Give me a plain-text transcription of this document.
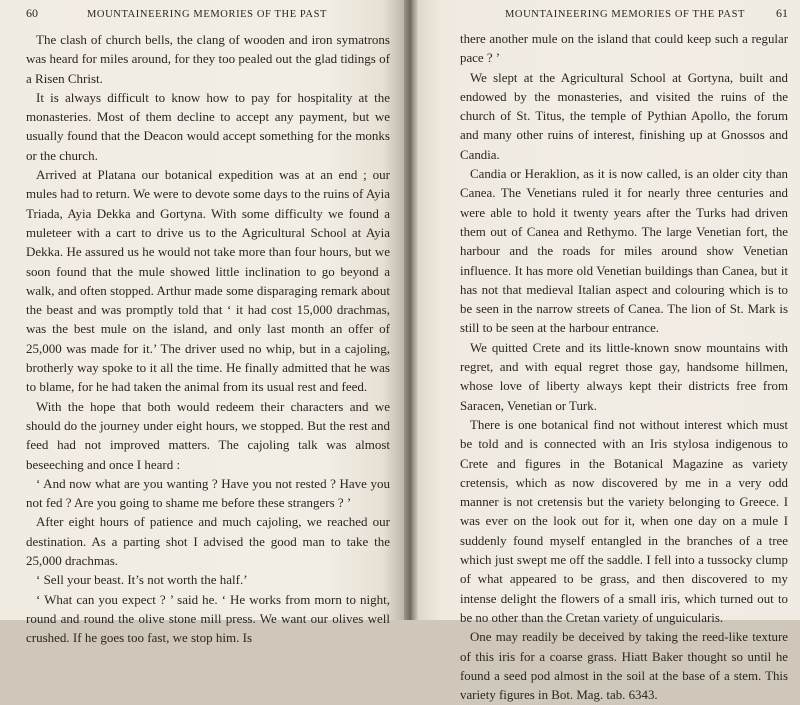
60	MOUNTAINEERING MEMORIES OF THE PAST

The clash of church bells, the clang of wooden and iron symatrons was heard for miles around, for they too pealed out the glad tidings of a Risen Christ.

It is always difficult to know how to pay for hospitality at the monasteries. Most of them decline to accept any payment, but we usually found that the Deacon would accept something for the monks or the church.

Arrived at Platana our botanical expedition was at an end ; our mules had to return. We were to devote some days to the ruins of Ayia Triada, Ayia Dekka and Gortyna. With some difficulty we found a muleteer with a cart to drive us to the Agricultural School at Ayia Dekka. He assured us he would not take more than four hours, but we soon found that the mule showed little inclination to go beyond a walk, and often stopped. Arthur made some disparaging remark about the beast and was promptly told that ‘ it had cost 15,000 drachmas, was the best mule on the island, and only last month an offer of 25,000 was made for it.’ The driver used no whip, but in a cajoling, brotherly way spoke to it all the time. He finally admitted that he was to blame, for he had taken the animal from its usual rest and feed.

With the hope that both would redeem their characters and we should do the journey under eight hours, we stopped. But the rest and feed had not improved matters. The cajoling talk was almost beseeching and once I heard :

‘ And now what are you wanting ? Have you not rested ? Have you not fed ? Are you going to shame me before these strangers ? ’

After eight hours of patience and much cajoling, we reached our destination. As a parting shot I advised the good man to take the 25,000 drachmas.

‘ Sell your beast. It’s not worth the half.’

‘ What can you expect ? ’ said he. ‘ He works from morn to night, round and round the olive stone mill press. We want our olives well crushed. If he goes too fast, we stop him. Is

MOUNTAINEERING MEMORIES OF THE PAST	61

there another mule on the island that could keep such a regular pace ? ’

We slept at the Agricultural School at Gortyna, built and endowed by the monasteries, and visited the ruins of the church of St. Titus, the temple of Pythian Apollo, the forum and many other ruins of interest, finishing up at Gnossos and Candia.

Candia or Heraklion, as it is now called, is an older city than Canea. The Venetians ruled it for nearly three centuries and were able to hold it twenty years after the Turks had driven them out of Canea and Rethymo. The large Venetian fort, the harbour and the roads for miles around show Venetian influence. It has more old Venetian buildings than Canea, but it has not that medieval Italian aspect and colouring which is to be seen in the narrow streets of Canea. The lion of St. Mark is still to be seen at the harbour entrance.

We quitted Crete and its little-known snow mountains with regret, and with equal regret those gay, handsome hillmen, whose love of liberty always kept their districts free from Saracen, Venetian or Turk.

There is one botanical find not without interest which must be told and is connected with an Iris stylosa indigenous to Crete and figures in the Botanical Magazine as variety cretensis, which as now discovered by me in a very odd manner is not cretensis but the variety belonging to Greece. I was ever on the look out for it, when one day on a mule I suddenly found myself entangled in the branches of a tree which just swept me off the saddle. I fell into a tussocky clump of what appeared to be grass, and then discovered to my intense delight the flowers of a small iris, which turned out to be no other than the Cretan variety of unguicularis.

One may readily be deceived by taking the reed-like texture of this iris for a coarse grass. Hiatt Baker thought so until he found a seed pod almost in the soil at the base of a stem. This variety figures in Bot. Mag. tab. 6343.
